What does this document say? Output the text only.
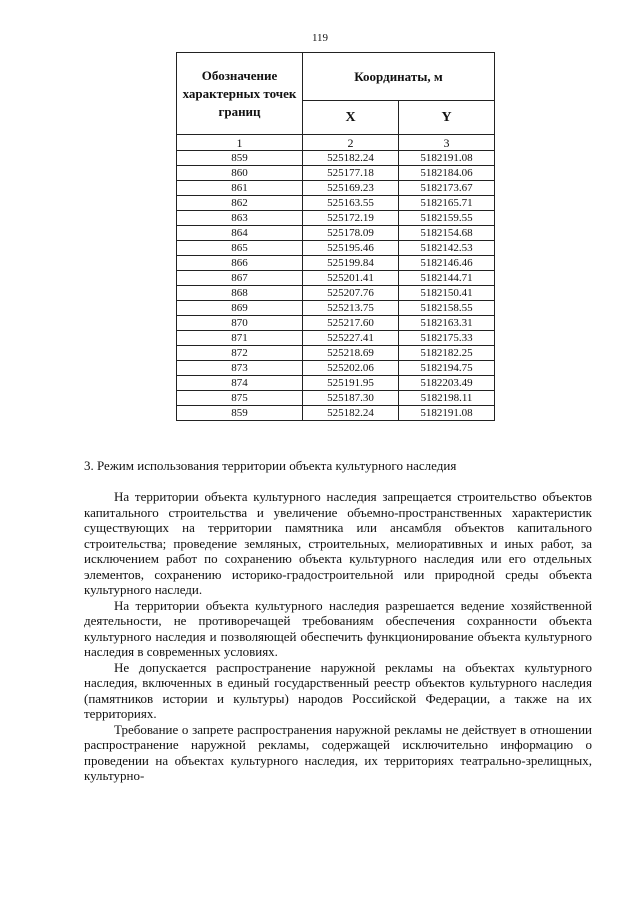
119
Обозначение характерных точек границ	Координаты, м	
	X	Y
1	2	3
859	525182.24	5182191.08
860	525177.18	5182184.06
861	525169.23	5182173.67
862	525163.55	5182165.71
863	525172.19	5182159.55
864	525178.09	5182154.68
865	525195.46	5182142.53
866	525199.84	5182146.46
867	525201.41	5182144.71
868	525207.76	5182150.41
869	525213.75	5182158.55
870	525217.60	5182163.31
871	525227.41	5182175.33
872	525218.69	5182182.25
873	525202.06	5182194.75
874	525191.95	5182203.49
875	525187.30	5182198.11
859	525182.24	5182191.08
3. Режим использования территории объекта культурного наследия

На территории объекта культурного наследия запрещается строительство объектов капитального строительства и увеличение объемно-пространственных характеристик существующих на территории памятника или ансамбля объектов капитального строительства; проведение земляных, строительных, мелиоративных и иных работ, за исключением работ по сохранению объекта культурного наследия или его отдельных элементов, сохранению историко-градостроительной или природной среды объекта культурного наследи.

На территории объекта культурного наследия разрешается ведение хозяйственной деятельности, не противоречащей требованиям обеспечения сохранности объекта культурного наследия и позволяющей обеспечить функционирование объекта культурного наследия в современных условиях.

Не допускается распространение наружной рекламы на объектах культурного наследия, включенных в единый государственный реестр объектов культурного наследия (памятников истории и культуры) народов Российской Федерации, а также на их территориях.

Требование о запрете распространения наружной рекламы не действует в отношении распространение наружной рекламы, содержащей исключительно информацию о проведении на объектах культурного наследия, их территориях театрально-зрелищных, культурно-
